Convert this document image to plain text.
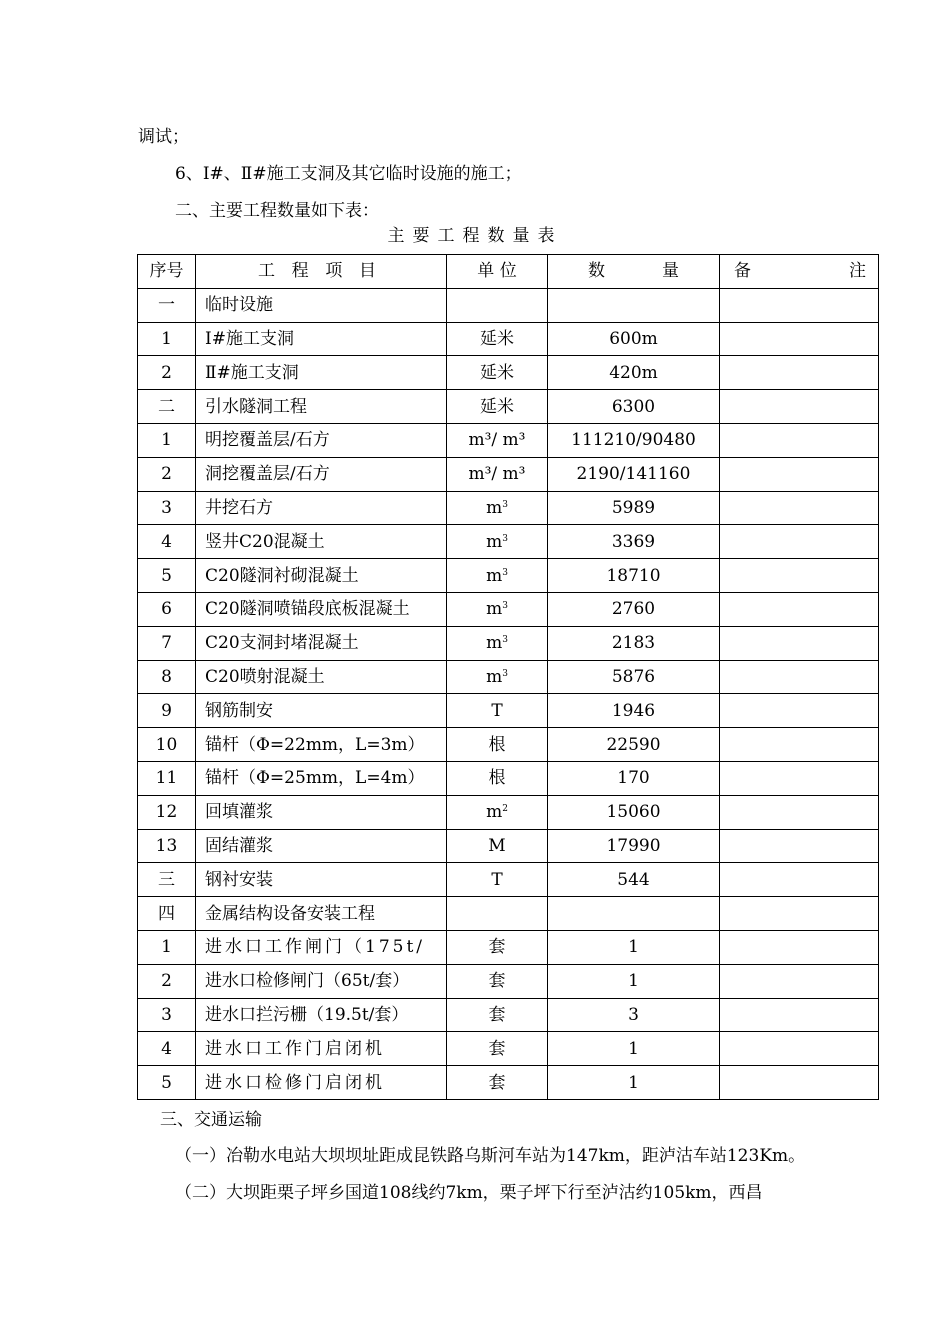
调试；
6、Ⅰ#、Ⅱ#施工支洞及其它临时设施的施工；
二、主要工程数量如下表：
主要工程数量表
序号	工 程 项 目	单 位	数 量	备 注

一	临时设施			
1	Ⅰ#施工支洞	延米	600m	
2	Ⅱ#施工支洞	延米	420m	
二	引水隧洞工程	延米	6300	
1	明挖覆盖层/石方	m³/ m³	111210/90480	
2	洞挖覆盖层/石方	m³/ m³	2190/141160	
3	井挖石方	$m^3$	5989	
4	竖井C20混凝土	$m^3$	3369	
5	C20隧洞衬砌混凝土	$m^3$	18710	
6	C20隧洞喷锚段底板混凝土	$m^3$	2760	
7	C20支洞封堵混凝土	$m^3$	2183	
8	C20喷射混凝土	$m^3$	5876	
9	钢筋制安	T	1946	
10	锚杆（Φ=22mm，L=3m）	根	22590	
11	锚杆（Φ=25mm，L=4m）	根	170	
12	回填灌浆	$m^2$	15060	
13	固结灌浆	M	17990	
三	钢衬安装	T	544	
四	金属结构设备安装工程			
1	进水口工作闸门（175t/	套	1	
2	进水口检修闸门（65t/套）	套	1	
3	进水口拦污栅（19.5t/套）	套	3	
4	进水口工作门启闭机	套	1	
5	进水口检修门启闭机	套	1	
三、交通运输
（一）冶勒水电站大坝坝址距成昆铁路乌斯河车站为147km，距泸沽车站123Km。
（二）大坝距栗子坪乡国道108线约7km，栗子坪下行至泸沽约105km，西昌
